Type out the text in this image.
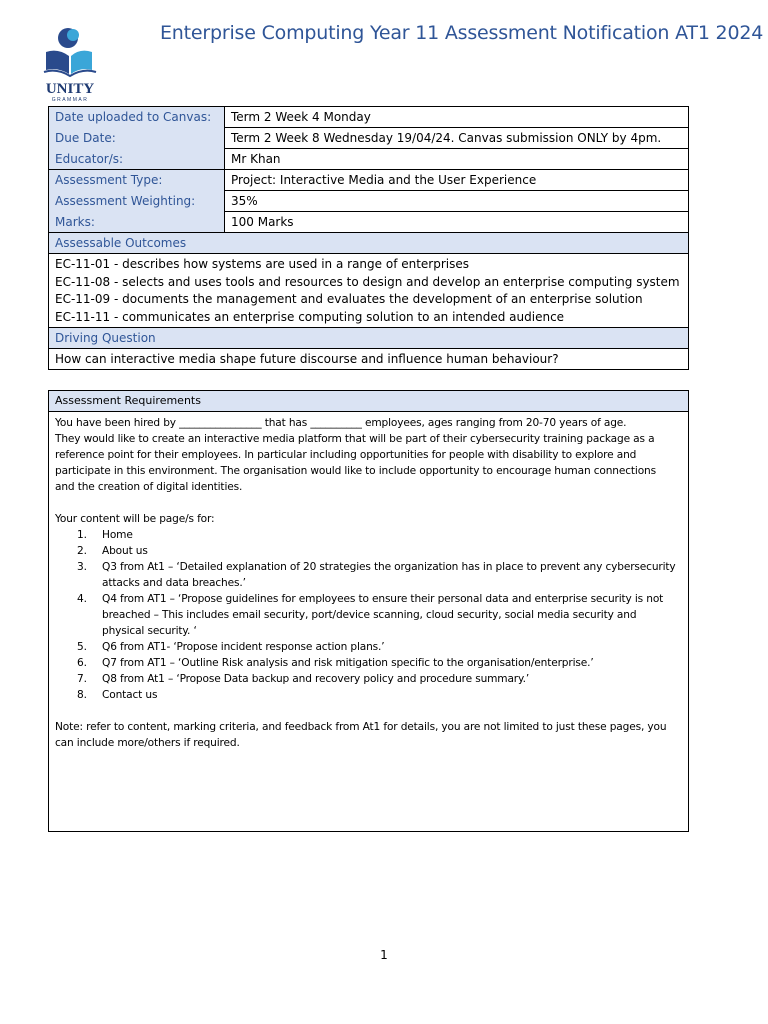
UNITY
GRAMMAR
Enterprise Computing Year 11 Assessment Notification AT1 2024
Date uploaded to Canvas:	Term 2 Week 4 Monday
Due Date:	Term 2 Week 8 Wednesday 19/04/24. Canvas submission ONLY by 4pm.
Educator/s:	Mr Khan
Assessment Type:	Project: Interactive Media and the User Experience
Assessment Weighting:	35%
Marks:	100 Marks
Assessable Outcomes	

EC-11-01 - describes how systems are used in a range of enterprises
EC-11-08 - selects and uses tools and resources to design and develop an enterprise computing system
EC-11-09 - documents the management and evaluates the development of an enterprise solution
EC-11-11 - communicates an enterprise computing solution to an intended audience	

Driving Question	
How can interactive media shape future discourse and influence human behaviour?	
Assessment Requirements

You have been hired by ________________ that has __________ employees, ages ranging from 20-70 years of age.

They would like to create an interactive media platform that will be part of their cybersecurity training package as a

reference point for their employees. In particular including opportunities for people with disability to explore and

participate in this environment. The organisation would like to include opportunity to encourage human connections

and the creation of digital identities.

Your content will be page/s for:

1. Home
2. About us
3. Q3 from At1 – ‘Detailed explanation of 20 strategies the organization has in place to prevent any cybersecurity
attacks and data breaches.’
4. Q4 from AT1 – ‘Propose guidelines for employees to ensure their personal data and enterprise security is not
breached – This includes email security, port/device scanning, cloud security, social media security and
physical security. ‘
5. Q6 from AT1- ‘Propose incident response action plans.’
6. Q7 from AT1 – ‘Outline Risk analysis and risk mitigation specific to the organisation/enterprise.’
7. Q8 from At1 – ‘Propose Data backup and recovery policy and procedure summary.’
8. Contact us

Note: refer to content, marking criteria, and feedback from At1 for details, you are not limited to just these pages, you

can include more/others if required.

1
